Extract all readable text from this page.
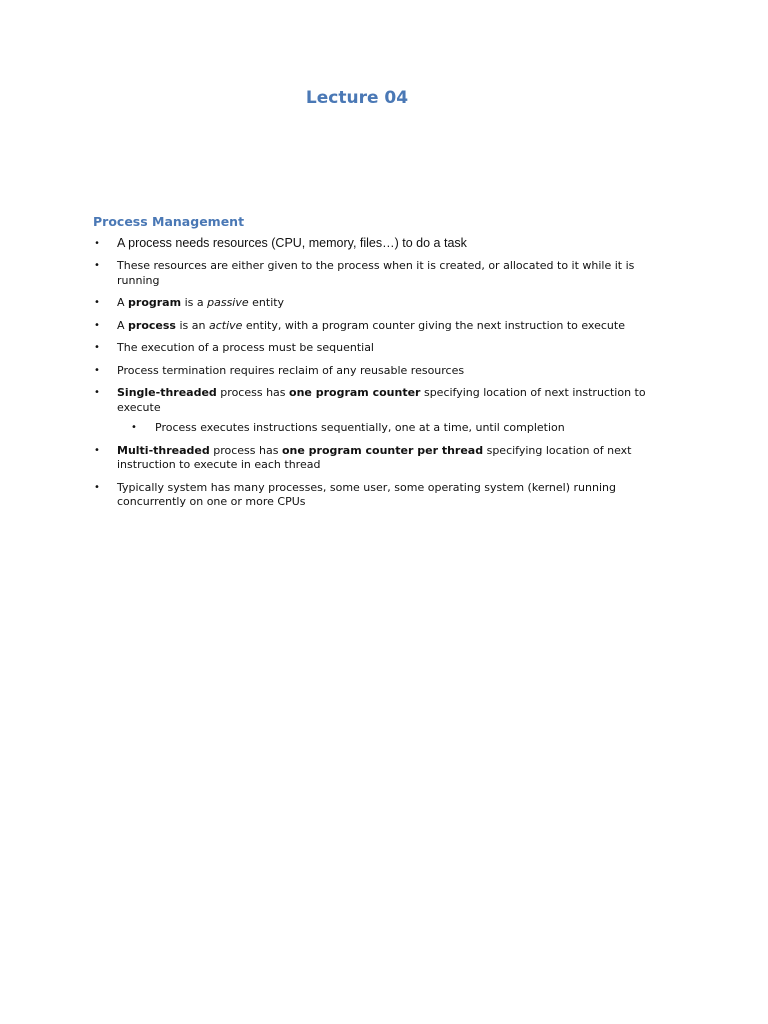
Lecture 04
Process Management
• A process needs resources (CPU, memory, files…) to do a task
• These resources are either given to the process when it is created, or allocated to it while it is running
• A program is a passive entity
• A process is an active entity, with a program counter giving the next instruction to execute
• The execution of a process must be sequential
• Process termination requires reclaim of any reusable resources
• Single-threaded process has one program counter specifying location of next instruction to execute
• Process executes instructions sequentially, one at a time, until completion
• Multi-threaded process has one program counter per thread specifying location of next instruction to execute in each thread
• Typically system has many processes, some user, some operating system (kernel) running concurrently on one or more CPUs
